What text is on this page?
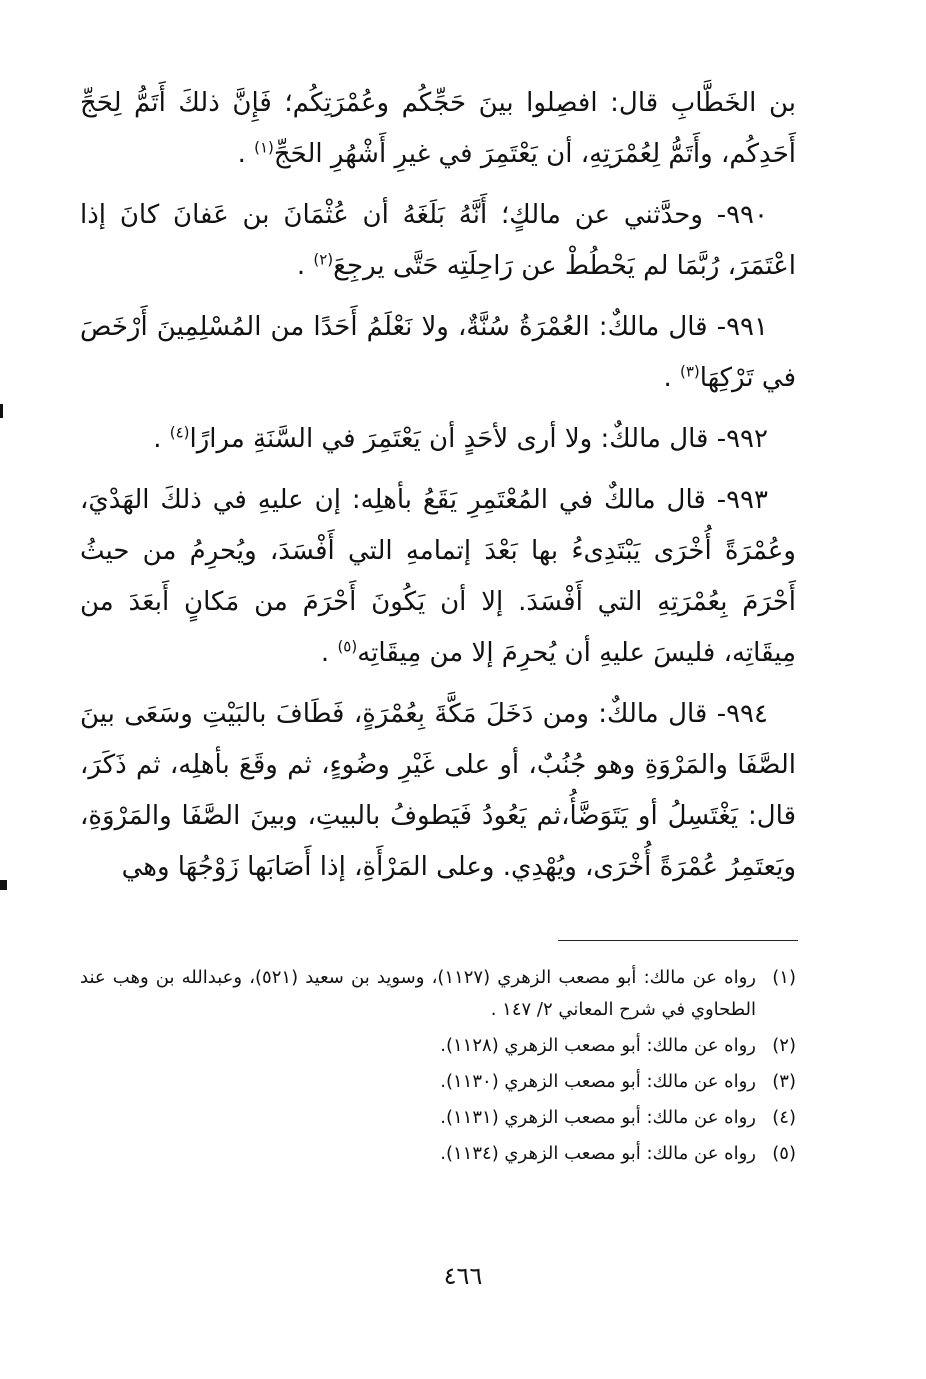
بن الخَطَّابِ قال: افصِلوا بينَ حَجِّكُم وعُمْرَتِكُم؛ فَإِنَّ ذلكَ أَتَمُّ لِحَجِّ أَحَدِكُم، وأَتَمُّ لِعُمْرَتِهِ، أن يَعْتَمِرَ في غيرِ أَشْهُرِ الحَجِّ$^{(١)}$ .

٩٩٠- وحدَّثني عن مالكٍ؛ أَنَّهُ بَلَغَهُ أن عُثْمَانَ بن عَفانَ كانَ إذا اعْتَمَرَ، رُبَّمَا لم يَحْطُطْ عن رَاحِلَتِه حَتَّى يرجِعَ$^{(٢)}$ .

٩٩١- قال مالكٌ: العُمْرَةُ سُنَّةٌ، ولا نَعْلَمُ أَحَدًا من المُسْلِمِينَ أَرْخَصَ في تَرْكِهَا$^{(٣)}$ .

٩٩٢- قال مالكٌ: ولا أرى لأحَدٍ أن يَعْتَمِرَ في السَّنَةِ مرارًا$^{(٤)}$ .

٩٩٣- قال مالكٌ في المُعْتَمِرِ يَقَعُ بأهلِه: إن عليهِ في ذلكَ الهَدْيَ، وعُمْرَةً أُخْرَى يَبْتَدِىءُ بها بَعْدَ إتمامهِ التي أَفْسَدَ، ويُحرِمُ من حيثُ أَحْرَمَ بِعُمْرَتِهِ التي أَفْسَدَ. إلا أن يَكُونَ أَحْرَمَ من مَكانٍ أَبعَدَ من مِيقَاتِه، فليسَ عليهِ أن يُحرِمَ إلا من مِيقَاتِه$^{(٥)}$ .

٩٩٤- قال مالكٌ: ومن دَخَلَ مَكَّةَ بِعُمْرَةٍ، فَطَافَ بالبَيْتِ وسَعَى بينَ الصَّفَا والمَرْوَةِ وهو جُنُبٌ، أو على غَيْرِ وضُوءٍ، ثم وقَعَ بأهلِه، ثم ذَكَرَ، قال: يَغْتَسِلُ أو يَتَوَضَّأُ،ثم يَعُودُ فَيَطوفُ بالبيتِ، وبينَ الصَّفَا والمَرْوَةِ، ويَعتَمِرُ عُمْرَةً أُخْرَى، ويُهْدِي. وعلى المَرْأَةِ، إذا أَصَابَها زَوْجُهَا وهي

(١)
رواه عن مالك: أبو مصعب الزهري (١١٢٧)، وسويد بن سعيد (٥٢١)، وعبدالله بن وهب عند الطحاوي في شرح المعاني ٢/ ١٤٧ .
(٢)
رواه عن مالك: أبو مصعب الزهري (١١٢٨).
(٣)
رواه عن مالك: أبو مصعب الزهري (١١٣٠).
(٤)
رواه عن مالك: أبو مصعب الزهري (١١٣١).
(٥)
رواه عن مالك: أبو مصعب الزهري (١١٣٤).
٤٦٦
